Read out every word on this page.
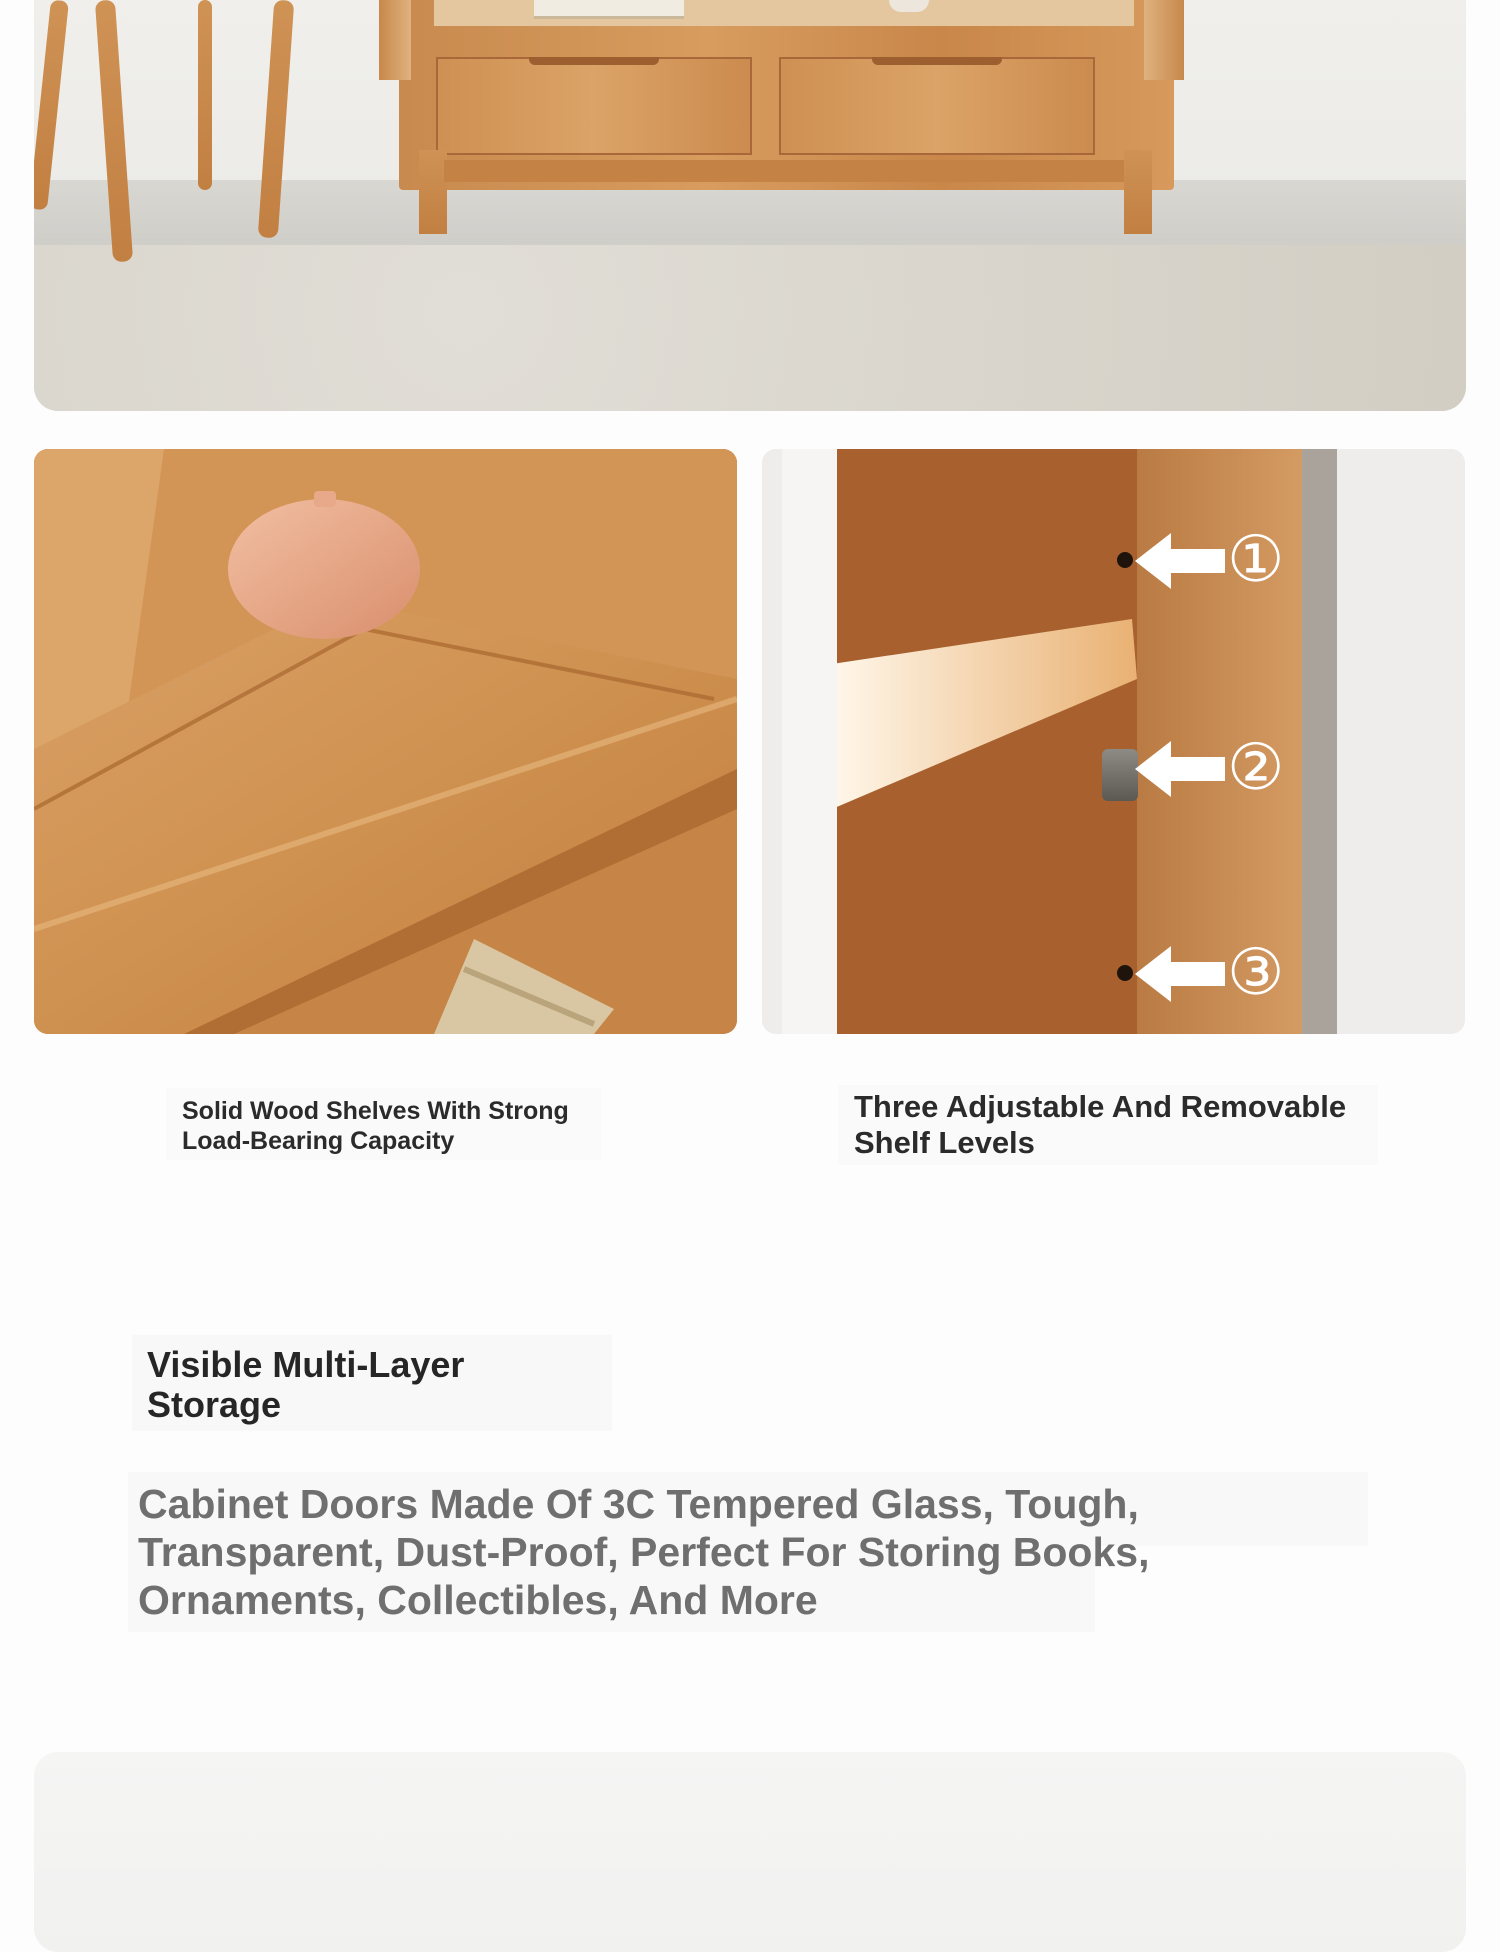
①
②
③
Solid Wood Shelves With Strong Load-Bearing Capacity
Three Adjustable And Removable Shelf Levels
Visible Multi-Layer Storage

Cabinet Doors Made Of 3C Tempered Glass, Tough, Transparent, Dust-Proof, Perfect For Storing Books, Ornaments, Collectibles, And More
